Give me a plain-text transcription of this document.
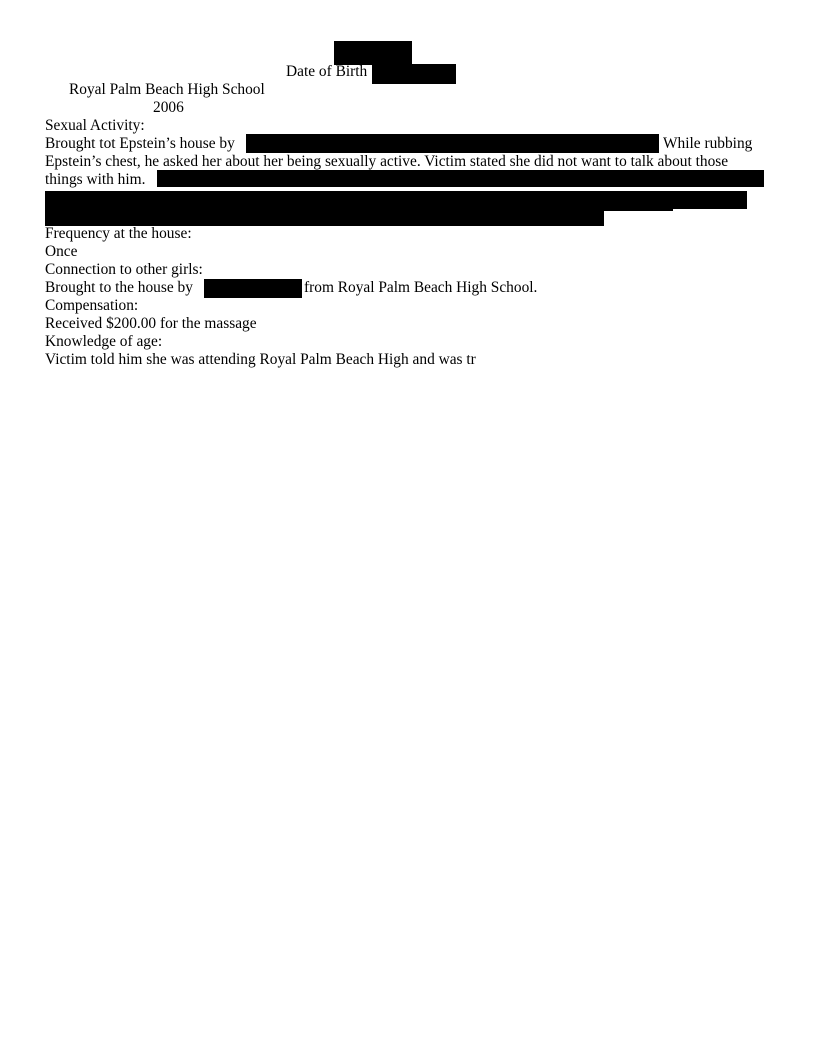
Date of Birth
Royal Palm Beach High School
2006
Sexual Activity:
Brought tot Epstein’s house by	While rubbing
Epstein’s chest, he asked her about her being sexually active. Victim stated she did not want to talk about those
things with him.
Frequency at the house:
Once
Connection to other girls:
Brought to the house by	from Royal Palm Beach High School.
Compensation:
Received $200.00 for the massage
Knowledge of age:
Victim told him she was attending Royal Palm Beach High and was tr
